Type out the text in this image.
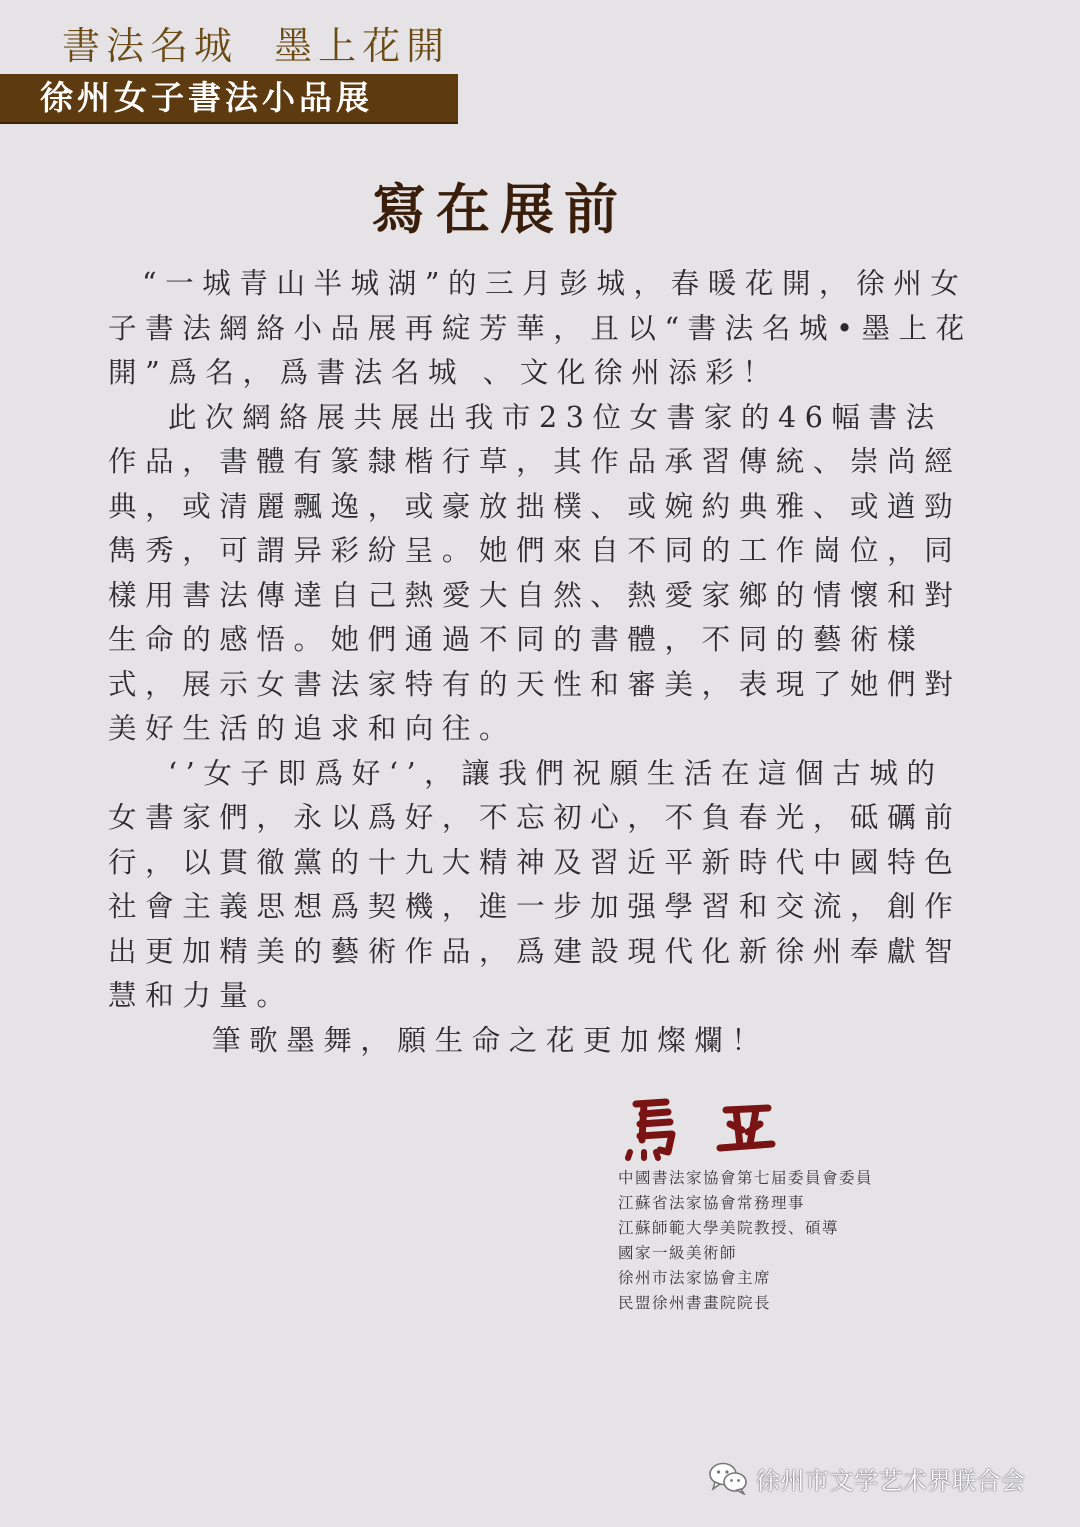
書法名城  墨上花開
徐州女子書法小品展
寫在展前

“一城青山半城湖”的三月彭城，春暖花開，徐州女子書法網絡小品展再綻芳華，且以“書法名城•墨上花開”爲名，爲書法名城 、文化徐州添彩！

此次網絡展共展出我市23位女書家的46幅書法作品，書體有篆隸楷行草，其作品承習傳統、崇尚經典，或清麗飄逸，或豪放拙樸、或婉約典雅、或遒勁雋秀，可謂异彩紛呈。她們來自不同的工作崗位，同樣用書法傳達自己熱愛大自然、熱愛家鄉的情懷和對生命的感悟。她們通過不同的書體，不同的藝術樣式，展示女書法家特有的天性和審美，表現了她們對美好生活的追求和向往。

‘’女子即爲好‘’，讓我們祝願生活在這個古城的女書家們，永以爲好，不忘初心，不負春光，砥礪前行，以貫徹黨的十九大精神及習近平新時代中國特色社會主義思想爲契機，進一步加强學習和交流，創作出更加精美的藝術作品，爲建設現代化新徐州奉獻智慧和力量。

筆歌墨舞，願生命之花更加燦爛！

中國書法家協會第七届委員會委員
江蘇省法家協會常務理事
江蘇師範大學美院教授、碩導
國家一級美術師
徐州市法家協會主席
民盟徐州書畫院院長
徐州市文学艺术界联合会
